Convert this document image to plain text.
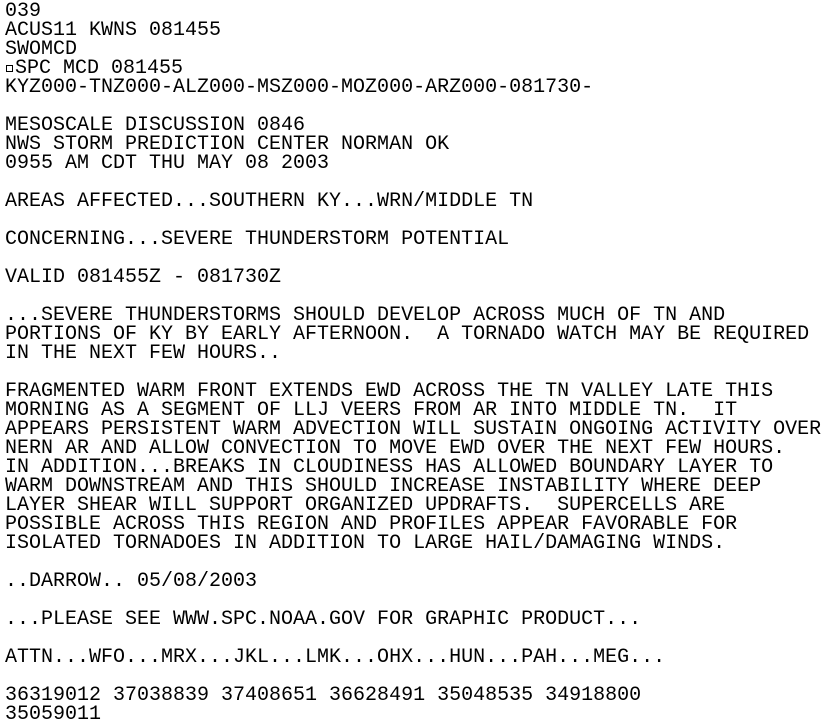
039
ACUS11 KWNS 081455
SWOMCD
SPC MCD 081455
KYZ000-TNZ000-ALZ000-MSZ000-MOZ000-ARZ000-081730-
MESOSCALE DISCUSSION 0846
NWS STORM PREDICTION CENTER NORMAN OK
0955 AM CDT THU MAY 08 2003
AREAS AFFECTED...SOUTHERN KY...WRN/MIDDLE TN
CONCERNING...SEVERE THUNDERSTORM POTENTIAL
VALID 081455Z - 081730Z
...SEVERE THUNDERSTORMS SHOULD DEVELOP ACROSS MUCH OF TN AND
PORTIONS OF KY BY EARLY AFTERNOON.  A TORNADO WATCH MAY BE REQUIRED
IN THE NEXT FEW HOURS..
FRAGMENTED WARM FRONT EXTENDS EWD ACROSS THE TN VALLEY LATE THIS
MORNING AS A SEGMENT OF LLJ VEERS FROM AR INTO MIDDLE TN.  IT
APPEARS PERSISTENT WARM ADVECTION WILL SUSTAIN ONGOING ACTIVITY OVER
NERN AR AND ALLOW CONVECTION TO MOVE EWD OVER THE NEXT FEW HOURS.
IN ADDITION...BREAKS IN CLOUDINESS HAS ALLOWED BOUNDARY LAYER TO
WARM DOWNSTREAM AND THIS SHOULD INCREASE INSTABILITY WHERE DEEP
LAYER SHEAR WILL SUPPORT ORGANIZED UPDRAFTS.  SUPERCELLS ARE
POSSIBLE ACROSS THIS REGION AND PROFILES APPEAR FAVORABLE FOR
ISOLATED TORNADOES IN ADDITION TO LARGE HAIL/DAMAGING WINDS.
..DARROW.. 05/08/2003
...PLEASE SEE WWW.SPC.NOAA.GOV FOR GRAPHIC PRODUCT...
ATTN...WFO...MRX...JKL...LMK...OHX...HUN...PAH...MEG...
36319012 37038839 37408651 36628491 35048535 34918800
35059011
